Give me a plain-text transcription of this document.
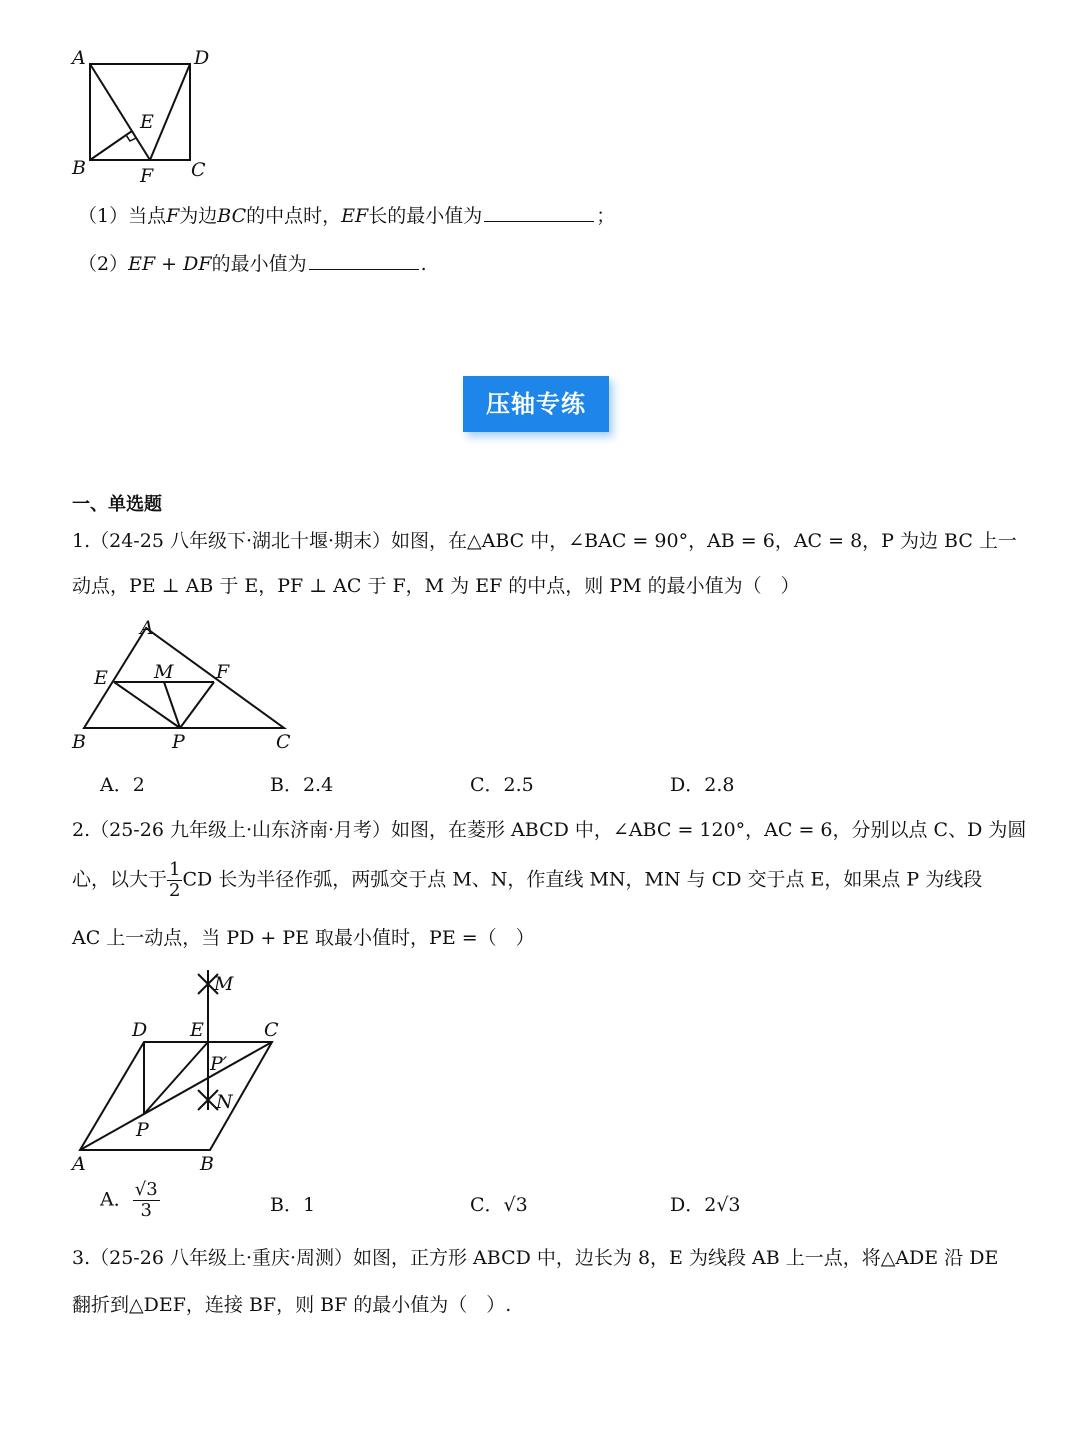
A	D
E
B	F C
（1）当点F为边BC的中点时，EF长的最小值为	；
（2）EF + DF的最小值为	.
压轴专练
一、单选题
1.（24-25 八年级下·湖北十堰·期末）如图，在△ABC 中，∠BAC = 90°，AB = 6，AC = 8，P 为边 BC 上一
动点，PE ⊥ AB 于 E，PF ⊥ AC 于 F，M 为 EF 的中点，则 PM 的最小值为（　）
A
E M F
B	P	C
A．2	B．2.4	C．2.5	D．2.8
2.（25-26 九年级上·山东济南·月考）如图，在菱形 ABCD 中，∠ABC = 120°，AC = 6，分别以点 C、D 为圆
心，以大于 $\frac{1}{2}$ CD 长为半径作弧，两弧交于点 M、N，作直线 MN，MN 与 CD 交于点 E，如果点 P 为线段
AC 上一动点，当 PD + PE 取最小值时，PE =（　）
M
D E	C
P′
N
P
A	B
A． $\frac{√3}{3}$	B．1	C．√3	D．2√3
3.（25-26 八年级上·重庆·周测）如图，正方形 ABCD 中，边长为 8，E 为线段 AB 上一点，将△ADE 沿 DE
翻折到△DEF，连接 BF，则 BF 的最小值为（　）.
